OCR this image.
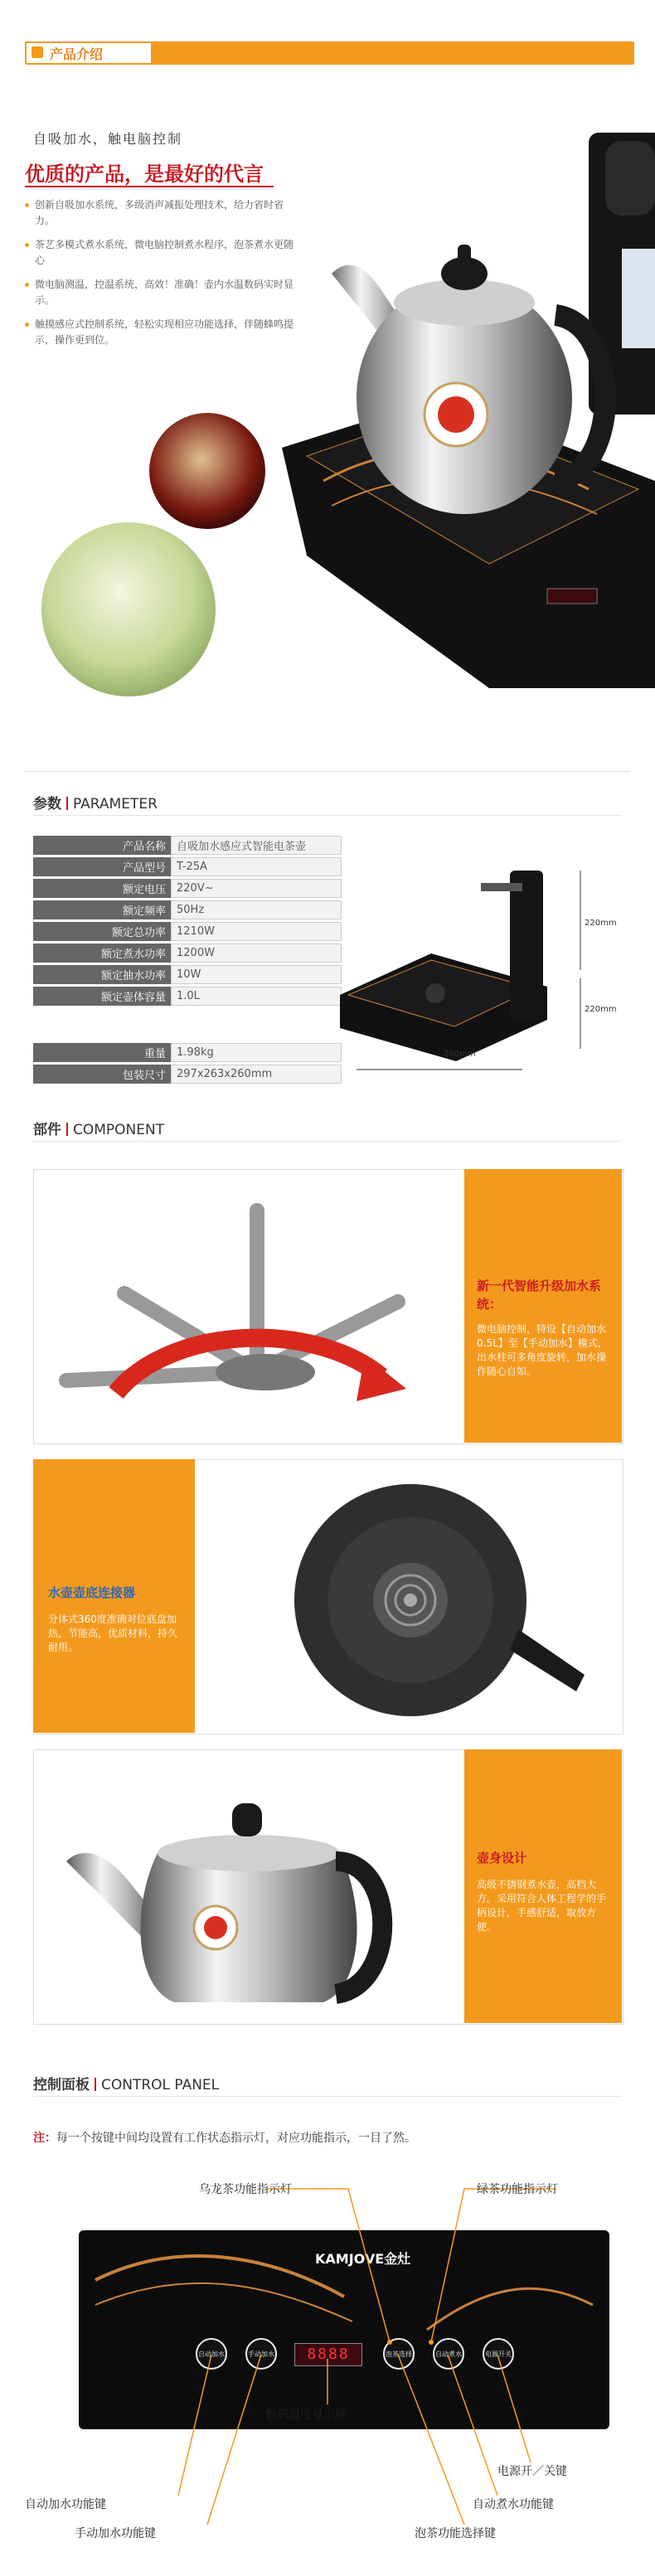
产品介绍
自吸加水，触电脑控制
优质的产品，是最好的代言
创新自吸加水系统，多级消声减振处理技术，给力省时省力。
茶艺多模式煮水系统，微电脑控制煮水程序，泡茶煮水更随心
微电脑测温，控温系统，高效！准确！壶内水温数码实时显示。
触摸感应式控制系统，轻松实现相应功能选择，伴随蜂鸣提示，操作更到位。
参数 PARAMETER
产品名称	自吸加水感应式智能电茶壶
产品型号	T-25A
额定电压	220V~
额定频率	50Hz
额定总功率	1210W
额定煮水功率	1200W
额定抽水功率	10W
额定壶体容量	1.0L
重量	1.98kg
包装尺寸	297x263x260mm
220mm
220mm
280mm
部件 COMPONENT
新一代智能升级加水系统：
微电脑控制，特设【自动加水0.5L】至【手动加水】模式，出水柱可多角度旋转，加水操作随心自如。
水壶壶底连接器
分体式360度准确对位底盘加热，节能高，优质材料，持久耐用。
壶身设计
高级不锈钢煮水壶，高档大方。采用符合人体工程学的手柄设计，手感舒适，取放方便。
控制面板 CONTROL PANEL
注：每一个按键中间均设置有工作状态指示灯，对应功能指示，一目了然。
KAMJOVE金灶
自动加水	手动加水	8888	泡茶选择	自动煮水	电源开关
乌龙茶功能指示灯	绿茶功能指示灯
数码温度显示屏
电源开／关键
自动加水功能键	自动煮水功能键
手动加水功能键	泡茶功能选择键
